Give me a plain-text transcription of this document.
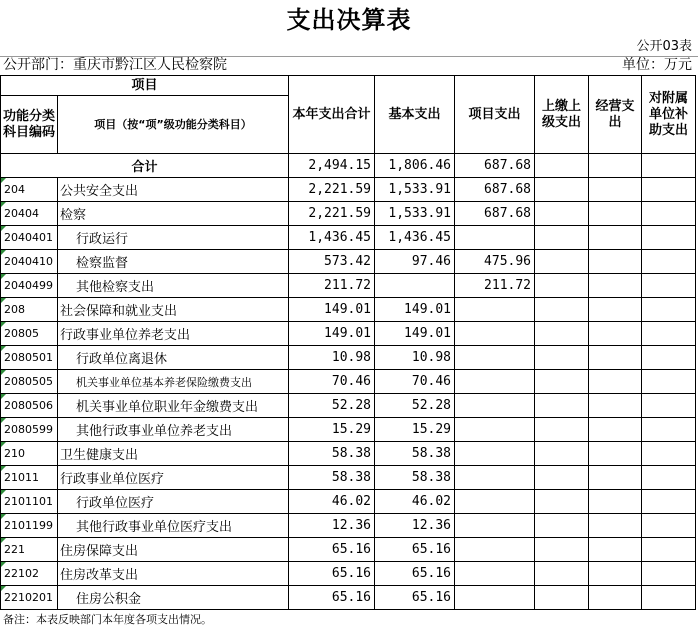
支出决算表
公开03表
公开部门：重庆市黔江区人民检察院	单位：万元
项目		本年支出合计	基本支出	项目支出	上缴上级支出	经营支出	对附属单位补助支出
功能分类科目编码	项目（按“项”级功能分类科目）						
合计		2,494.15	1,806.46	687.68			
204	公共安全支出	2,221.59	1,533.91	687.68			
20404	检察	2,221.59	1,533.91	687.68			
2040401	行政运行	1,436.45	1,436.45				
2040410	检察监督	573.42	97.46	475.96			
2040499	其他检察支出	211.72		211.72			
208	社会保障和就业支出	149.01	149.01				
20805	行政事业单位养老支出	149.01	149.01				
2080501	行政单位离退休	10.98	10.98				
2080505	机关事业单位基本养老保险缴费支出	70.46	70.46				
2080506	机关事业单位职业年金缴费支出	52.28	52.28				
2080599	其他行政事业单位养老支出	15.29	15.29				
210	卫生健康支出	58.38	58.38				
21011	行政事业单位医疗	58.38	58.38				
2101101	行政单位医疗	46.02	46.02				
2101199	其他行政事业单位医疗支出	12.36	12.36				
221	住房保障支出	65.16	65.16				
22102	住房改革支出	65.16	65.16				
2210201	住房公积金	65.16	65.16				
备注：本表反映部门本年度各项支出情况。
